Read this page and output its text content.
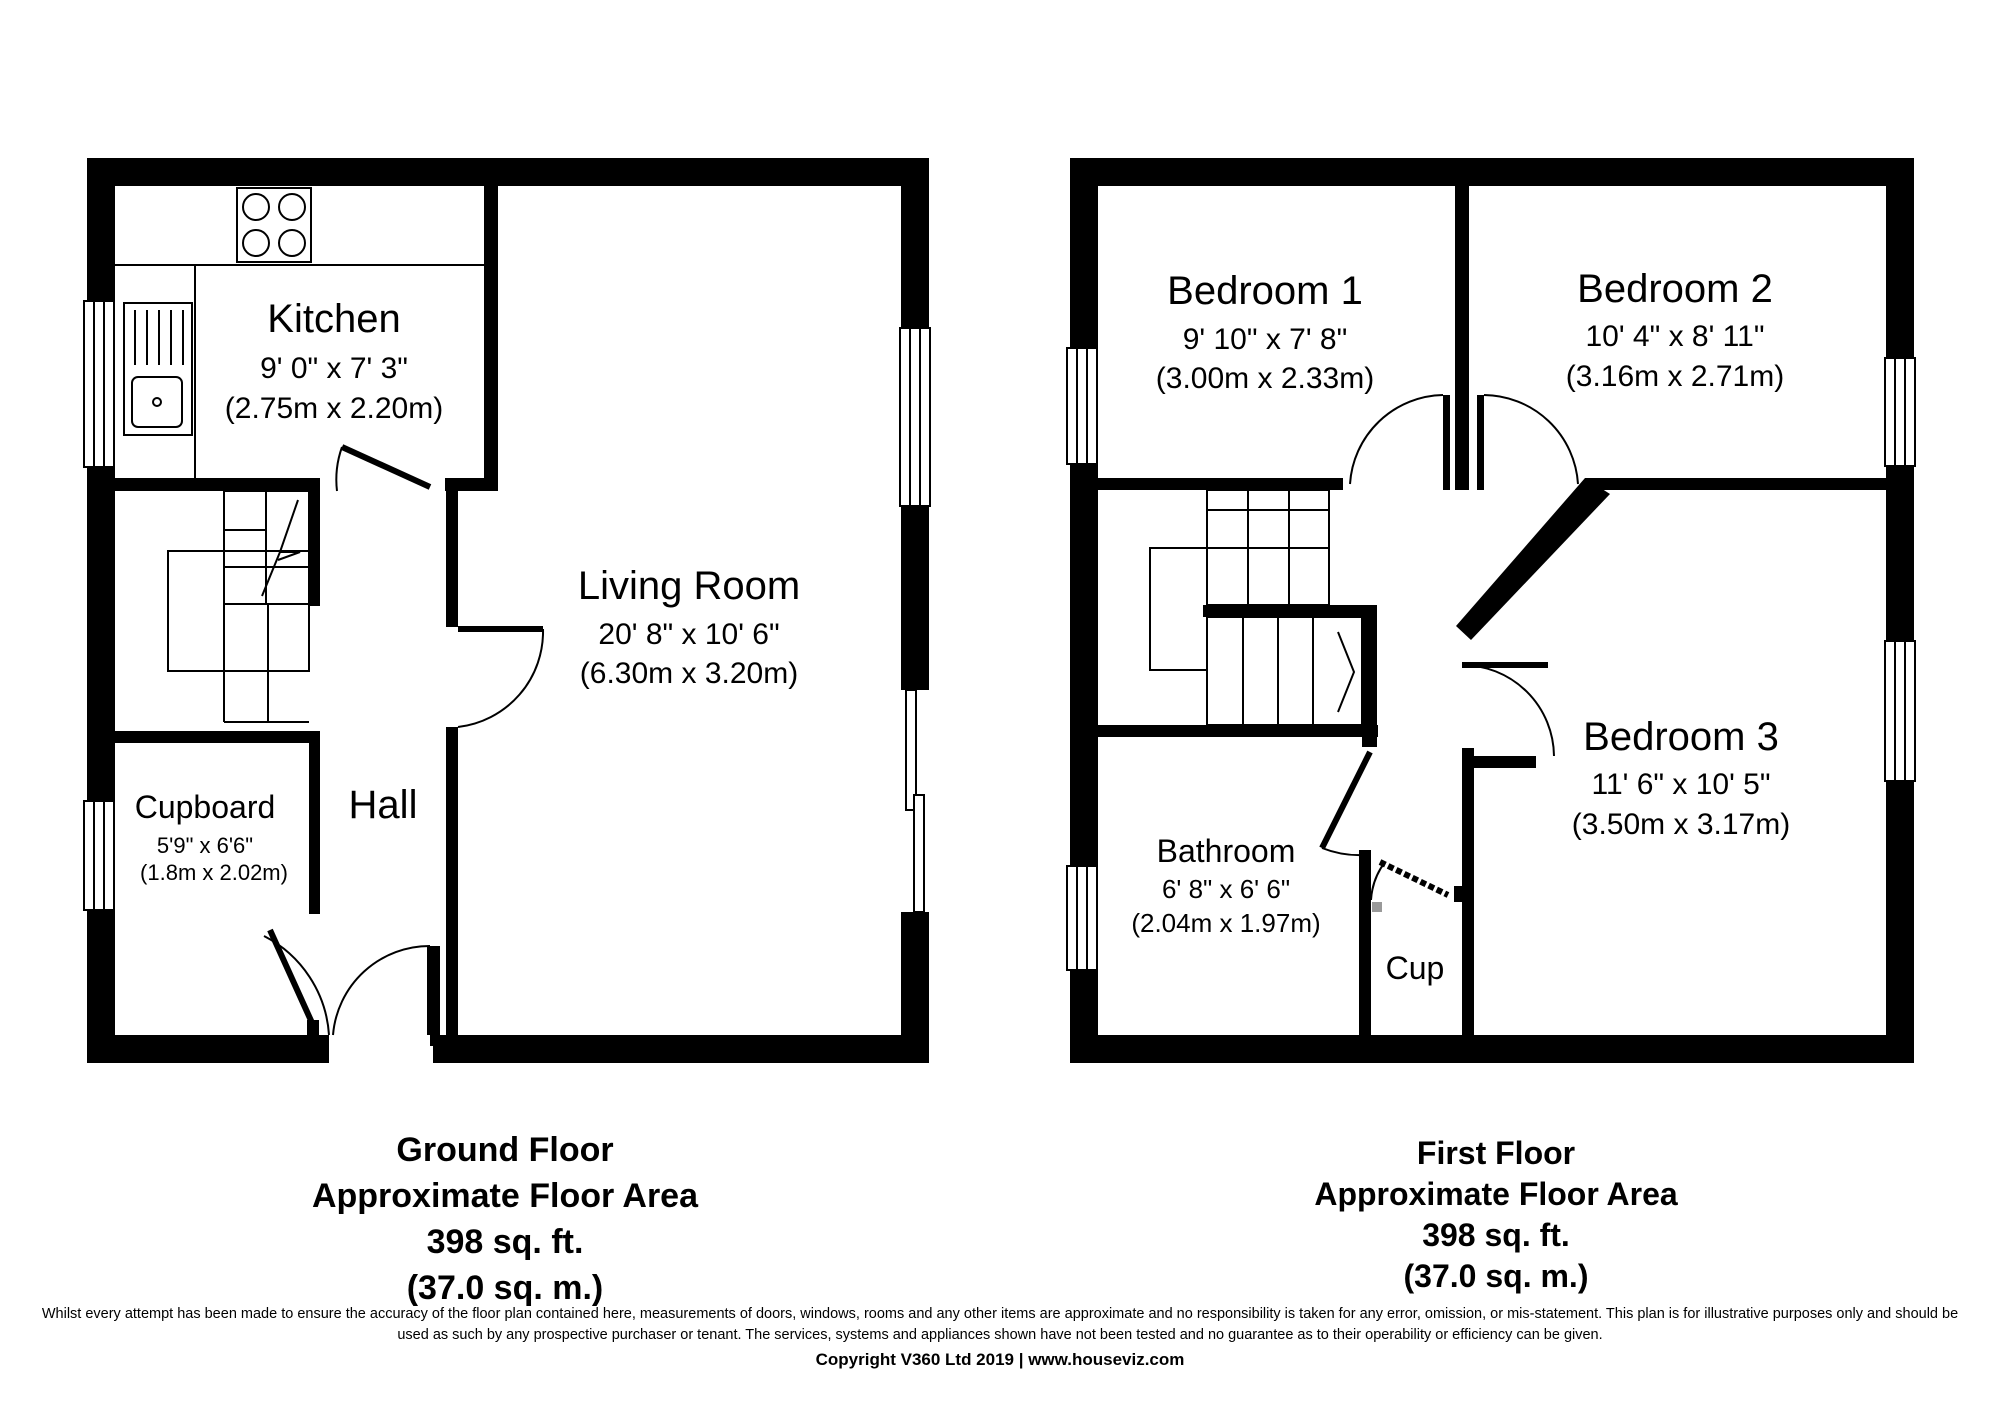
Kitchen
9' 0" x 7' 3"
(2.75m x 2.20m)
Living Room
20' 8" x 10' 6"
(6.30m x 3.20m)
Cupboard
5'9" x 6'6"
(1.8m x 2.02m)
Hall
Bedroom 1
9' 10" x 7' 8"
(3.00m x 2.33m)
Bedroom 2
10' 4" x 8' 11"
(3.16m x 2.71m)
Bedroom 3
11' 6" x 10' 5"
(3.50m x 3.17m)
Bathroom
6' 8" x 6' 6"
(2.04m x 1.97m)
Cup
Ground Floor
Approximate Floor Area
398 sq. ft.
(37.0 sq. m.)
First Floor
Approximate Floor Area
398 sq. ft.
(37.0 sq. m.)
Whilst every attempt has been made to ensure the accuracy of the floor plan contained here, measurements of doors, windows, rooms and any other items are approximate and no responsibility is taken for any error, omission, or mis-statement. This plan is for illustrative purposes only and should be used as such by any prospective purchaser or tenant. The services, systems and appliances shown have not been tested and no guarantee as to their operability or efficiency can be given.
Copyright V360 Ltd 2019 | www.houseviz.com
